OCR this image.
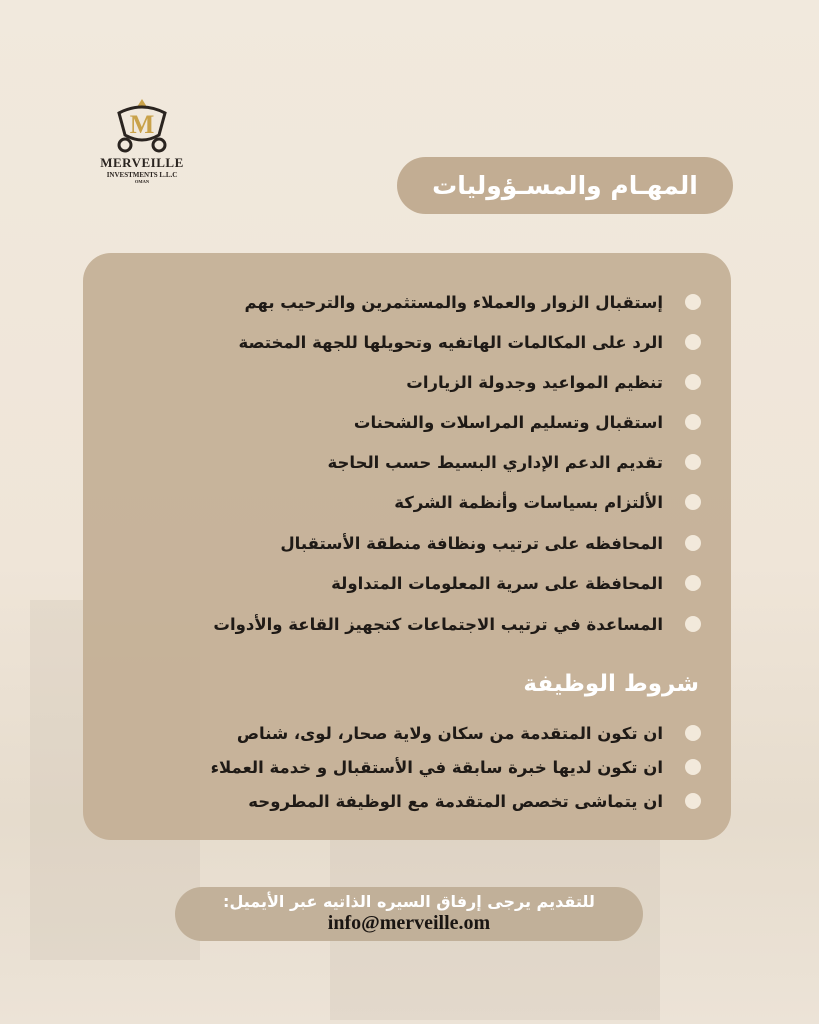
M
MERVEILLE
INVESTMENTS L.L.C
OMAN	المهـام والمسـؤوليات
إستقبال الزوار والعملاء والمستثمرين والترحيب بهم
الرد على المكالمات الهاتفيه وتحويلها للجهة المختصة
تنظيم المواعيد وجدولة الزيارات
استقبال وتسليم المراسلات والشحنات
تقديم الدعم الإداري البسيط حسب الحاجة
الألتزام بسياسات وأنظمة الشركة
المحافظه على ترتيب ونظافة منطقة الأستقبال
المحافظة على سرية المعلومات المتداولة
المساعدة في ترتيب الاجتماعات كتجهيز القاعة والأدوات
شروط الوظيفة
ان تكون المتقدمة من سكان ولاية صحار، لوى، شناص
ان تكون لديها خبرة سابقة في الأستقبال و خدمة العملاء
ان يتماشى تخصص المتقدمة مع الوظيفة المطروحه
للتقديم يرجى إرفاق السيره الذاتيه عبر الأيميل:
info@merveille.om
